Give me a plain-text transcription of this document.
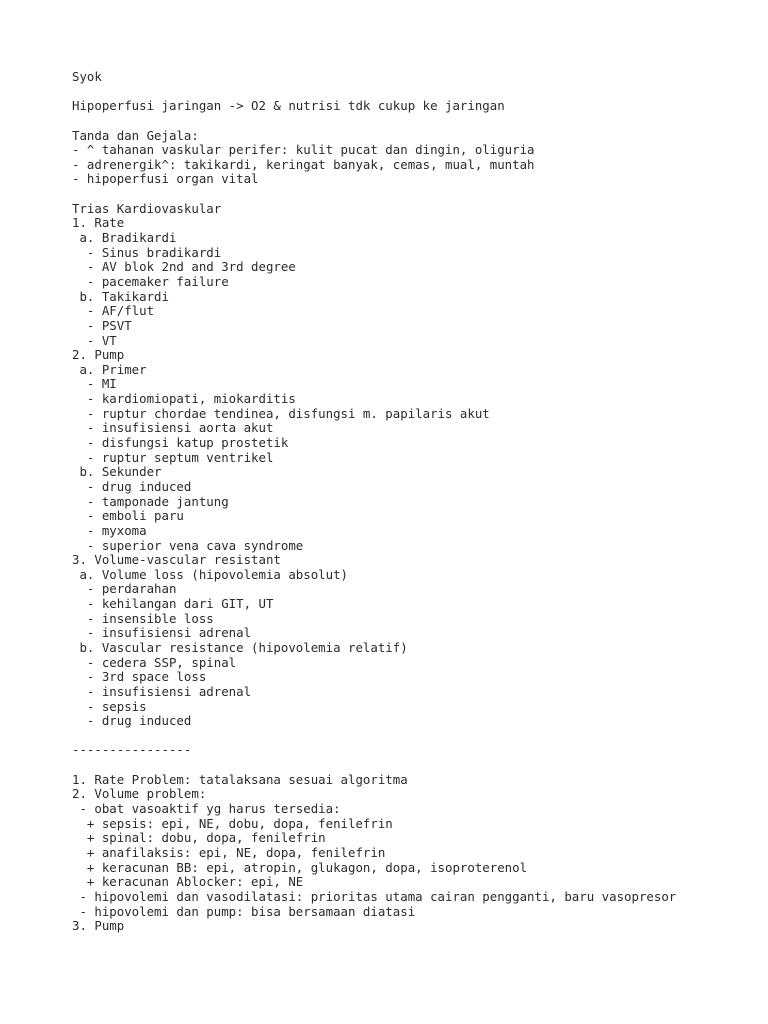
Syok
Hipoperfusi jaringan -> O2 & nutrisi tdk cukup ke jaringan
Tanda dan Gejala:
- ^ tahanan vaskular perifer: kulit pucat dan dingin, oliguria
- adrenergik^: takikardi, keringat banyak, cemas, mual, muntah
- hipoperfusi organ vital
Trias Kardiovaskular
1. Rate
a. Bradikardi
- Sinus bradikardi
- AV blok 2nd and 3rd degree
- pacemaker failure
b. Takikardi
- AF/flut
- PSVT
- VT
2. Pump
a. Primer
- MI
- kardiomiopati, miokarditis
- ruptur chordae tendinea, disfungsi m. papilaris akut
- insufisiensi aorta akut
- disfungsi katup prostetik
- ruptur septum ventrikel
b. Sekunder
- drug induced
- tamponade jantung
- emboli paru
- myxoma
- superior vena cava syndrome
3. Volume-vascular resistant
a. Volume loss (hipovolemia absolut)
- perdarahan
- kehilangan dari GIT, UT
- insensible loss
- insufisiensi adrenal
b. Vascular resistance (hipovolemia relatif)
- cedera SSP, spinal
- 3rd space loss
- insufisiensi adrenal
- sepsis
- drug induced
----------------
1. Rate Problem: tatalaksana sesuai algoritma
2. Volume problem:
- obat vasoaktif yg harus tersedia:
+ sepsis: epi, NE, dobu, dopa, fenilefrin
+ spinal: dobu, dopa, fenilefrin
+ anafilaksis: epi, NE, dopa, fenilefrin
+ keracunan BB: epi, atropin, glukagon, dopa, isoproterenol
+ keracunan Ablocker: epi, NE
- hipovolemi dan vasodilatasi: prioritas utama cairan pengganti, baru vasopresor
- hipovolemi dan pump: bisa bersamaan diatasi
3. Pump
